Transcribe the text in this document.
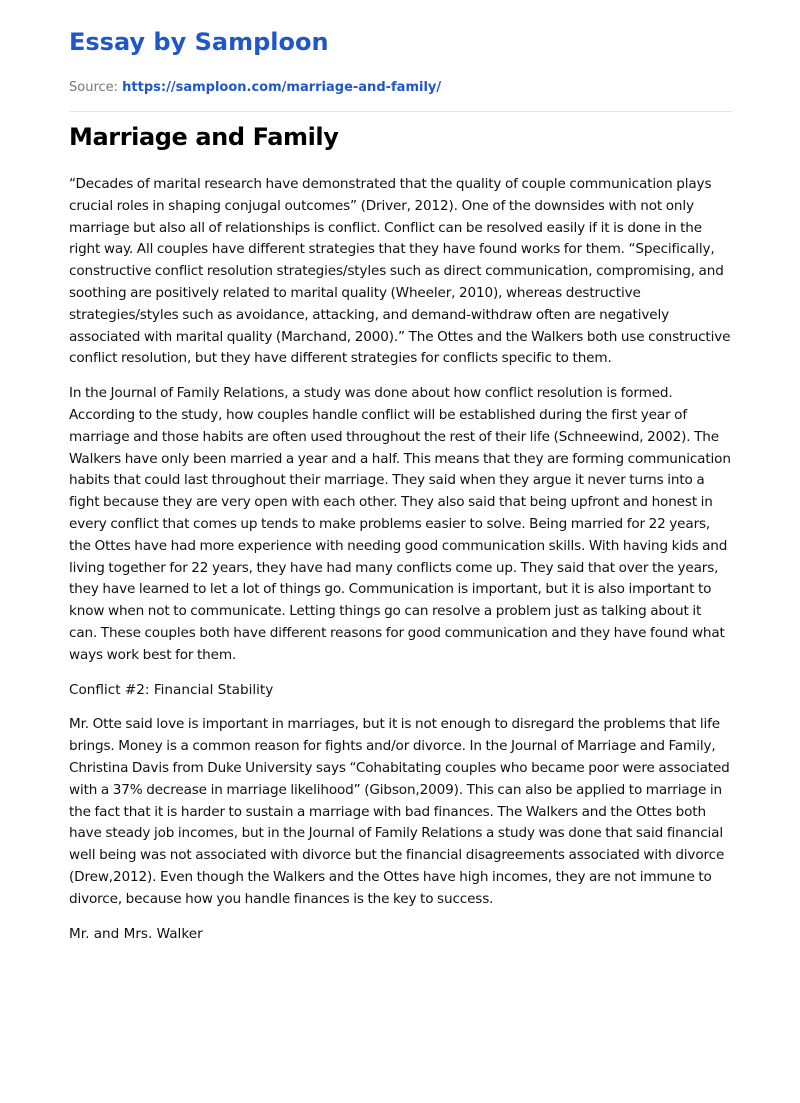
Essay by Samploon
Source: https://samploon.com/marriage-and-family/
Marriage and Family

“Decades of marital research have demonstrated that the quality of couple communication plays crucial roles in shaping conjugal outcomes” (Driver, 2012). One of the downsides with not only marriage but also all of relationships is conflict. Conflict can be resolved easily if it is done in the right way. All couples have different strategies that they have found works for them. “Specifically, constructive conflict resolution strategies/styles such as direct communication, compromising, and soothing are positively related to marital quality (Wheeler, 2010), whereas destructive strategies/styles such as avoidance, attacking, and demand-withdraw often are negatively associated with marital quality (Marchand, 2000).” The Ottes and the Walkers both use constructive conflict resolution, but they have different strategies for conflicts specific to them.

In the Journal of Family Relations, a study was done about how conflict resolution is formed. According to the study, how couples handle conflict will be established during the first year of marriage and those habits are often used throughout the rest of their life (Schneewind, 2002). The Walkers have only been married a year and a half. This means that they are forming communication habits that could last throughout their marriage. They said when they argue it never turns into a fight because they are very open with each other. They also said that being upfront and honest in every conflict that comes up tends to make problems easier to solve. Being married for 22 years, the Ottes have had more experience with needing good communication skills. With having kids and living together for 22 years, they have had many conflicts come up. They said that over the years, they have learned to let a lot of things go. Communication is important, but it is also important to know when not to communicate. Letting things go can resolve a problem just as talking about it can. These couples both have different reasons for good communication and they have found what ways work best for them.

Conflict #2: Financial Stability

Mr. Otte said love is important in marriages, but it is not enough to disregard the problems that life brings. Money is a common reason for fights and/or divorce. In the Journal of Marriage and Family, Christina Davis from Duke University says “Cohabitating couples who became poor were associated with a 37% decrease in marriage likelihood” (Gibson,2009). This can also be applied to marriage in the fact that it is harder to sustain a marriage with bad finances. The Walkers and the Ottes both have steady job incomes, but in the Journal of Family Relations a study was done that said financial well being was not associated with divorce but the financial disagreements associated with divorce (Drew,2012). Even though the Walkers and the Ottes have high incomes, they are not immune to divorce, because how you handle finances is the key to success.

Mr. and Mrs. Walker
